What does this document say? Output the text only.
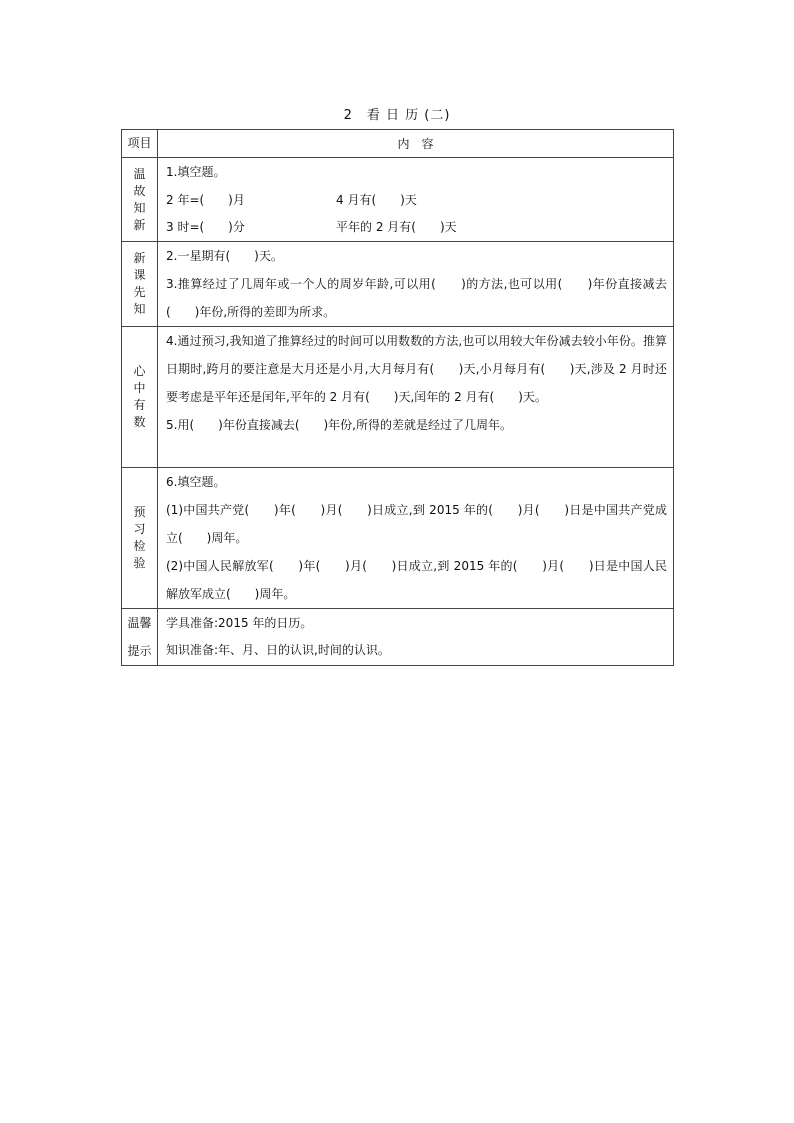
2　看 日 历 (二)
项目	内　容

温故知新	1.填空题。
2 年=(　　)月 4 月有(　　)天
3 时=(　　)分 平年的 2 月有(　　)天

新课先知	2.一星期有(　　)天。
3.推算经过了几周年或一个人的周岁年龄,可以用(　　)的方法,也可以用(　　)年份直接减去(　　)年份,所得的差即为所求。

心中有数	4.通过预习,我知道了推算经过的时间可以用数数的方法,也可以用较大年份减去较小年份。推算日期时,跨月的要注意是大月还是小月,大月每月有(　　)天,小月每月有(　　)天,涉及 2 月时还要考虑是平年还是闰年,平年的 2 月有(　　)天,闰年的 2 月有(　　)天。
5.用(　　)年份直接减去(　　)年份,所得的差就是经过了几周年。

预习检验	6.填空题。
(1)中国共产党(　　)年(　　)月(　　)日成立,到 2015 年的(　　)月(　　)日是中国共产党成立(　　)周年。
(2)中国人民解放军(　　)年(　　)月(　　)日成立,到 2015 年的(　　)月(　　)日是中国人民解放军成立(　　)周年。

温馨提示	学具准备:2015 年的日历。
知识准备:年、月、日的认识,时间的认识。
